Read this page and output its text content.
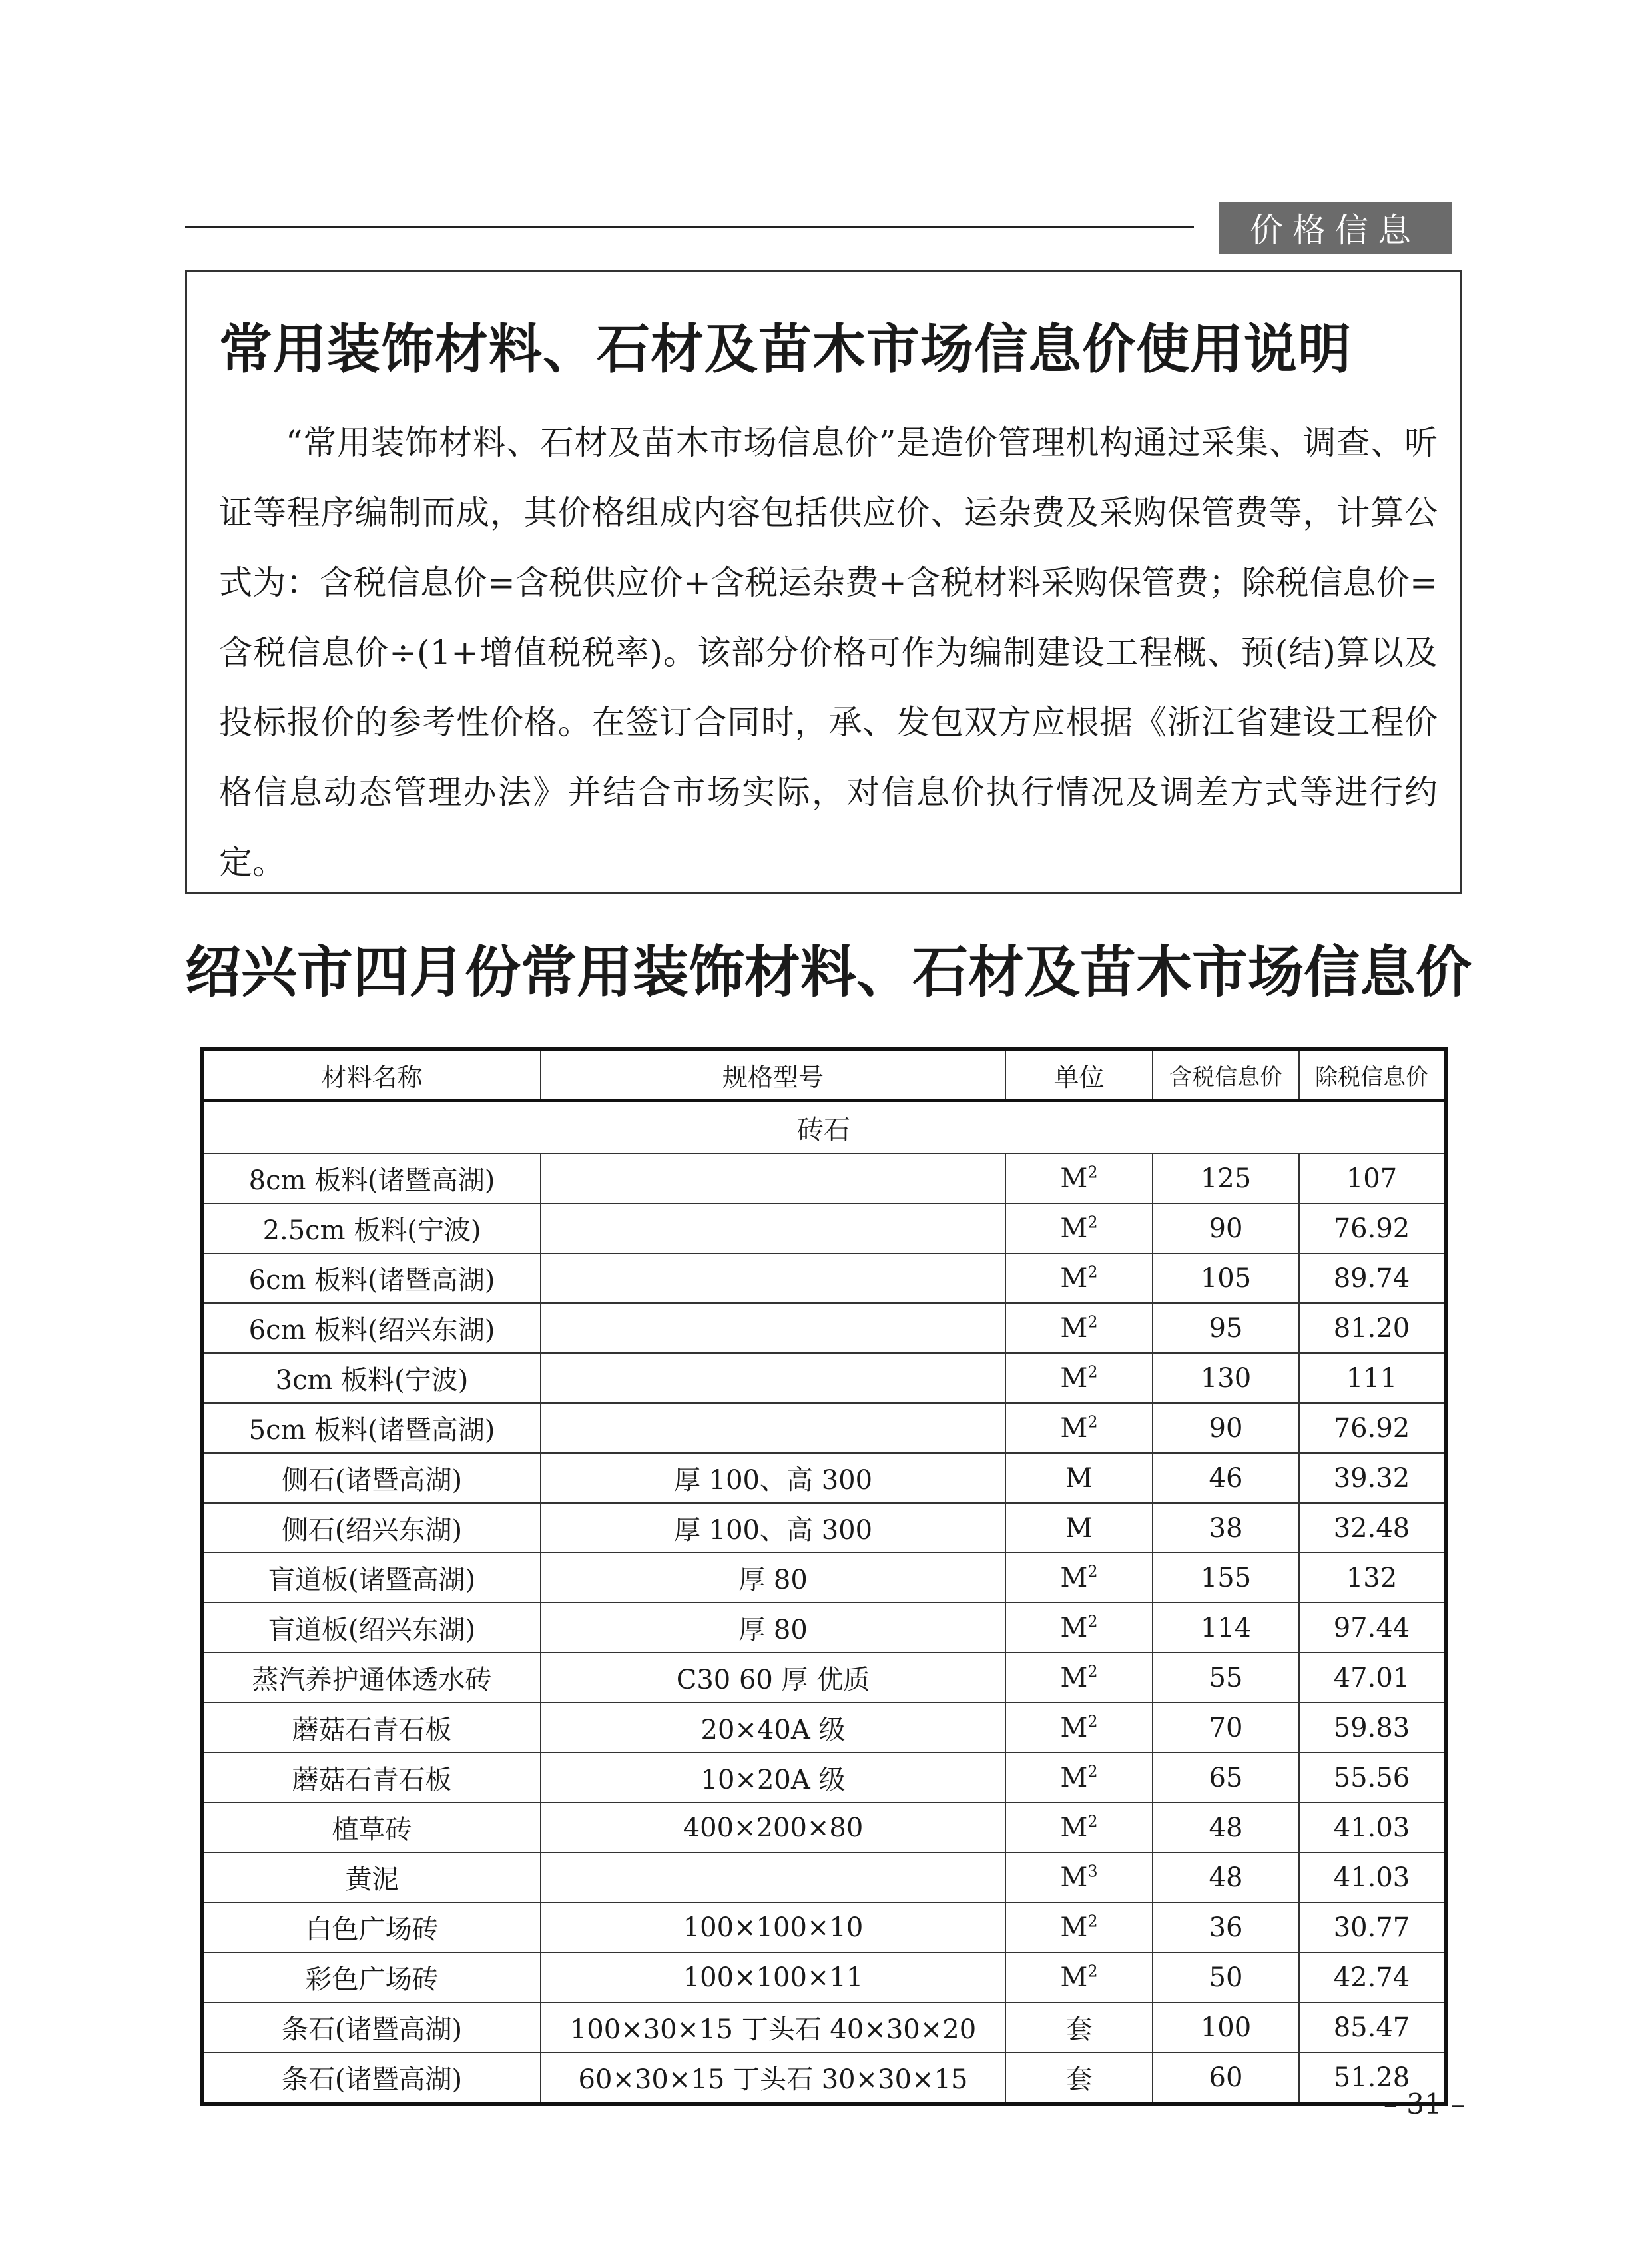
价格信息
常用装饰材料、石材及苗木市场信息价使用说明
“常用装饰材料、石材及苗木市场信息价”是造价管理机构通过采集、调查、听证等程序编制而成，其价格组成内容包括供应价、运杂费及采购保管费等，计算公式为：含税信息价=含税供应价+含税运杂费+含税材料采购保管费；除税信息价=含税信息价÷(1+增值税税率)。该部分价格可作为编制建设工程概、预(结)算以及投标报价的参考性价格。在签订合同时，承、发包双方应根据《浙江省建设工程价格信息动态管理办法》并结合市场实际，对信息价执行情况及调差方式等进行约定。
绍兴市四月份常用装饰材料、石材及苗木市场信息价
材料名称	规格型号	单位	含税信息价	除税信息价
砖石				
8cm 板料(诸暨高湖)		$M^2$	125	107
2.5cm 板料(宁波)		$M^2$	90	76.92
6cm 板料(诸暨高湖)		$M^2$	105	89.74
6cm 板料(绍兴东湖)		$M^2$	95	81.20
3cm 板料(宁波)		$M^2$	130	111
5cm 板料(诸暨高湖)		$M^2$	90	76.92
侧石(诸暨高湖)	厚 100、高 300	M	46	39.32
侧石(绍兴东湖)	厚 100、高 300	M	38	32.48
盲道板(诸暨高湖)	厚 80	$M^2$	155	132
盲道板(绍兴东湖)	厚 80	$M^2$	114	97.44
蒸汽养护通体透水砖	C30 60 厚 优质	$M^2$	55	47.01
蘑菇石青石板	20×40A 级	$M^2$	70	59.83
蘑菇石青石板	10×20A 级	$M^2$	65	55.56
植草砖	400×200×80	$M^2$	48	41.03
黄泥		$M^3$	48	41.03
白色广场砖	100×100×10	$M^2$	36	30.77
彩色广场砖	100×100×11	$M^2$	50	42.74
条石(诸暨高湖)	100×30×15 丁头石 40×30×20	套	100	85.47
条石(诸暨高湖)	60×30×15 丁头石 30×30×15	套	60	51.28
– 31 –
